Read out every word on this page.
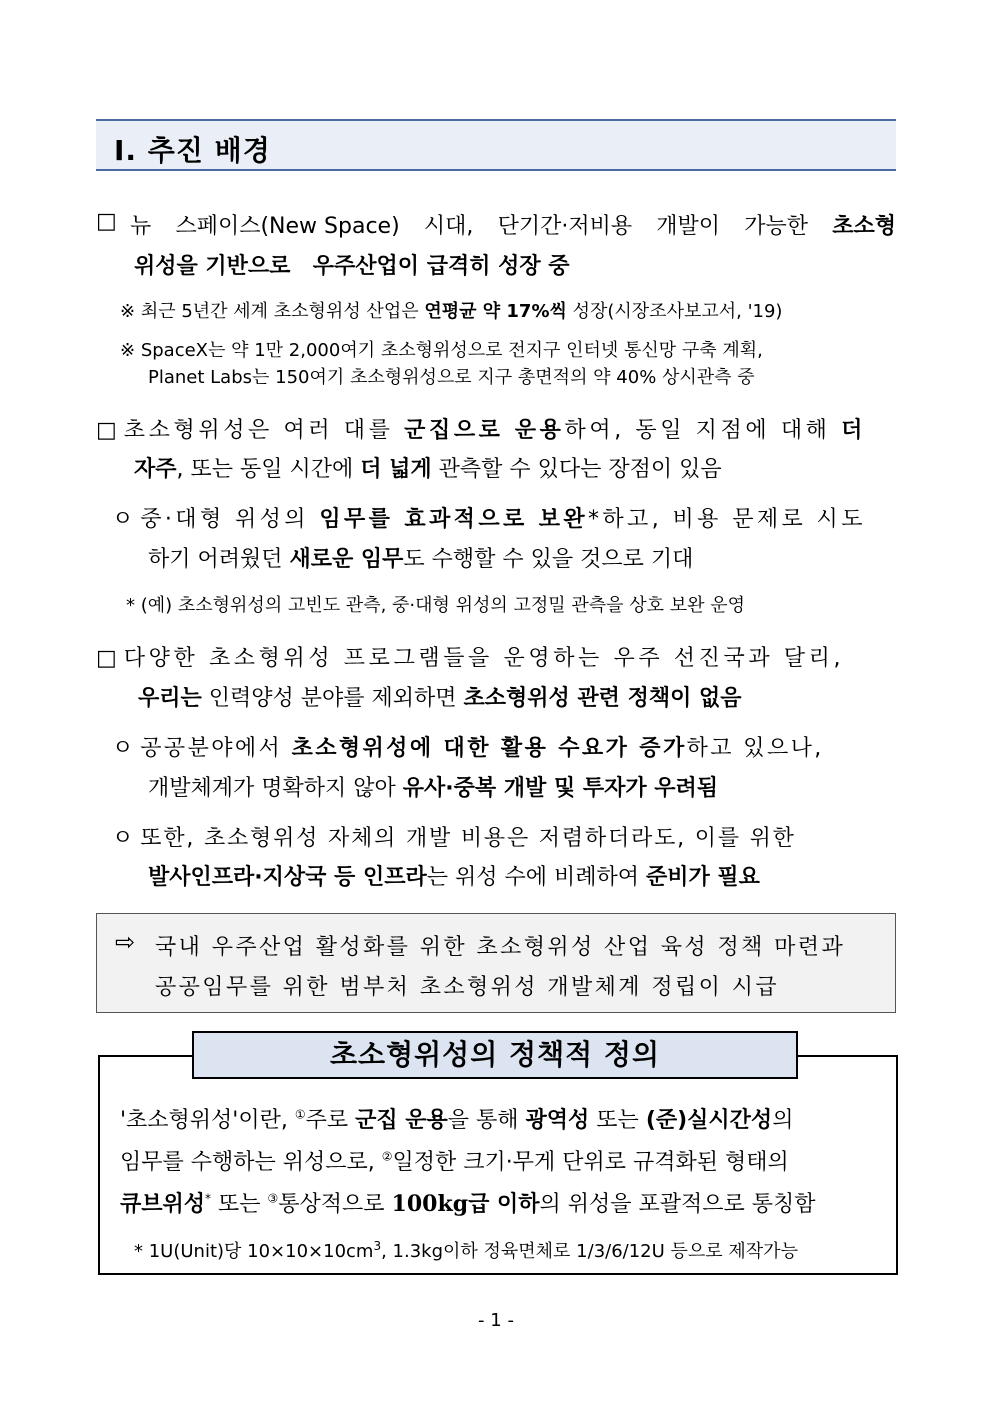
Ⅰ. 추진 배경
□ 뉴 스페이스(New Space) 시대, 단기간·저비용 개발이 가능한 초소형
위성을 기반으로 우주산업이 급격히 성장 중
※ 최근 5년간 세계 초소형위성 산업은 연평균 약 17%씩 성장(시장조사보고서, '19)
※ SpaceX는 약 1만 2,000여기 초소형위성으로 전지구 인터넷 통신망 구축 계획,
Planet Labs는 150여기 초소형위성으로 지구 총면적의 약 40% 상시관측 중
□ 초소형위성은 여러 대를 군집으로 운용하여, 동일 지점에 대해 더
자주, 또는 동일 시간에 더 넓게 관측할 수 있다는 장점이 있음
ㅇ 중·대형 위성의 임무를 효과적으로 보완*하고, 비용 문제로 시도
하기 어려웠던 새로운 임무도 수행할 수 있을 것으로 기대
* (예) 초소형위성의 고빈도 관측, 중·대형 위성의 고정밀 관측을 상호 보완 운영
□ 다양한 초소형위성 프로그램들을 운영하는 우주 선진국과 달리,
우리는 인력양성 분야를 제외하면 초소형위성 관련 정책이 없음
ㅇ 공공분야에서 초소형위성에 대한 활용 수요가 증가하고 있으나,
개발체계가 명확하지 않아 유사·중복 개발 및 투자가 우려됨
ㅇ 또한, 초소형위성 자체의 개발 비용은 저렴하더라도, 이를 위한
발사인프라·지상국 등 인프라는 위성 수에 비례하여 준비가 필요
⇨ 국내 우주산업 활성화를 위한 초소형위성 산업 육성 정책 마련과
공공임무를 위한 범부처 초소형위성 개발체계 정립이 시급
'초소형위성'이란, ①주로 군집 운용을 통해 광역성 또는 (준)실시간성의
임무를 수행하는 위성으로, ②일정한 크기·무게 단위로 규격화된 형태의
큐브위성* 또는 ③통상적으로 100kg급 이하의 위성을 포괄적으로 통칭함
* 1U(Unit)당 $10\times 10\times 10cm^3$, 1.3kg이하 정육면체로 1/3/6/12U 등으로 제작가능
초소형위성의 정책적 정의
- 1 -
